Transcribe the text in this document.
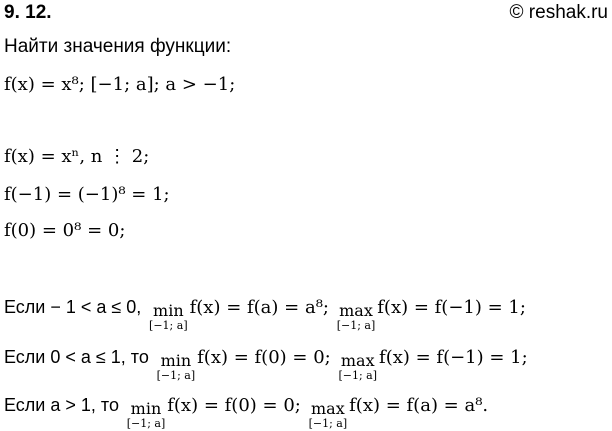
9. 12.	© reshak.ru
Найти значения функции:
f(x) = x⁸; [−1; a]; a > −1;
f(x) = xⁿ, n ⋮ 2;
f(−1) = (−1)⁸ = 1;
f(0) = 0⁸ = 0;
Если − 1 < a ≤ 0, min
[−1; a]
f(x) = f(a) = a⁸; max
[−1; a]
f(x) = f(−1) = 1;
Если 0 < a ≤ 1, то min
[−1; a]
f(x) = f(0) = 0; max
[−1; a]
f(x) = f(−1) = 1;
Если a > 1, то min
[−1; a]
f(x) = f(0) = 0; max
[−1; a]
f(x) = f(a) = a⁸.
